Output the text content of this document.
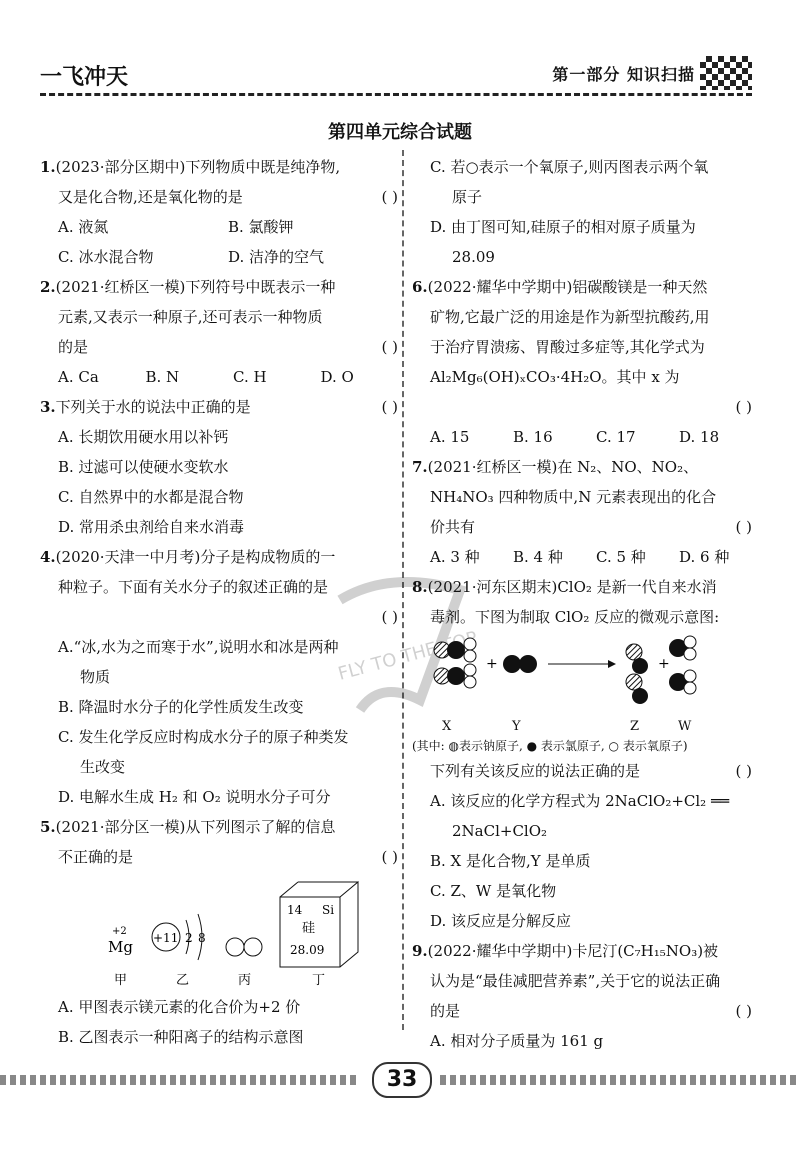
一飞冲天	第一部分 知识扫描
第四单元综合试题
FLY TO THE TOP
1.(2023·部分区期中)下列物质中既是纯净物,
又是化合物,还是氧化物的是	( )
A. 液氮	B. 氯酸钾
C. 冰水混合物	D. 洁净的空气
2.(2021·红桥区一模)下列符号中既表示一种
元素,又表示一种原子,还可表示一种物质
的是	( )
A. Ca	B. N	C. H	D. O
3.下列关于水的说法中正确的是	( )
A. 长期饮用硬水用以补钙
B. 过滤可以使硬水变软水
C. 自然界中的水都是混合物
D. 常用杀虫剂给自来水消毒
4.(2020·天津一中月考)分子是构成物质的一
种粒子。下面有关水分子的叙述正确的是
( )

A.“冰,水为之而寒于水”,说明水和冰是两种
物质
B. 降温时水分子的化学性质发生改变
C. 发生化学反应时构成水分子的原子种类发
生改变
D. 电解水生成 H₂ 和 O₂ 说明水分子可分
5.(2021·部分区一模)从下列图示了解的信息
不正确的是	( )
+2
Mg +11 2 8
14 Si
硅
28.09
甲	乙	丙	丁
A. 甲图表示镁元素的化合价为+2 价
B. 乙图表示一种阳离子的结构示意图
C. 若○表示一个氧原子,则丙图表示两个氧
原子
D. 由丁图可知,硅原子的相对原子质量为
28.09
6.(2022·耀华中学期中)铝碳酸镁是一种天然
矿物,它最广泛的用途是作为新型抗酸药,用
于治疗胃溃疡、胃酸过多症等,其化学式为
Al₂Mg₆(OH)ₓCO₃·4H₂O。其中 x 为
( )

A. 15	B. 16	C. 17	D. 18
7.(2021·红桥区一模)在 N₂、NO、NO₂、
NH₄NO₃ 四种物质中,N 元素表现出的化合
价共有	( )
A. 3 种	B. 4 种	C. 5 种	D. 6 种
8.(2021·河东区期末)ClO₂ 是新一代自来水消
毒剂。下图为制取 ClO₂ 反应的微观示意图:
+	+
X	Y	Z	W
(其中: ◍表示钠原子, ● 表示氯原子, ○ 表示氧原子)
下列有关该反应的说法正确的是	( )
A. 该反应的化学方程式为 2NaClO₂+Cl₂ ══
2NaCl+ClO₂
B. X 是化合物,Y 是单质
C. Z、W 是氧化物
D. 该反应是分解反应
9.(2022·耀华中学期中)卡尼汀(C₇H₁₅NO₃)被
认为是“最佳减肥营养素”,关于它的说法正确
的是	( )
A. 相对分子质量为 161 g
33
